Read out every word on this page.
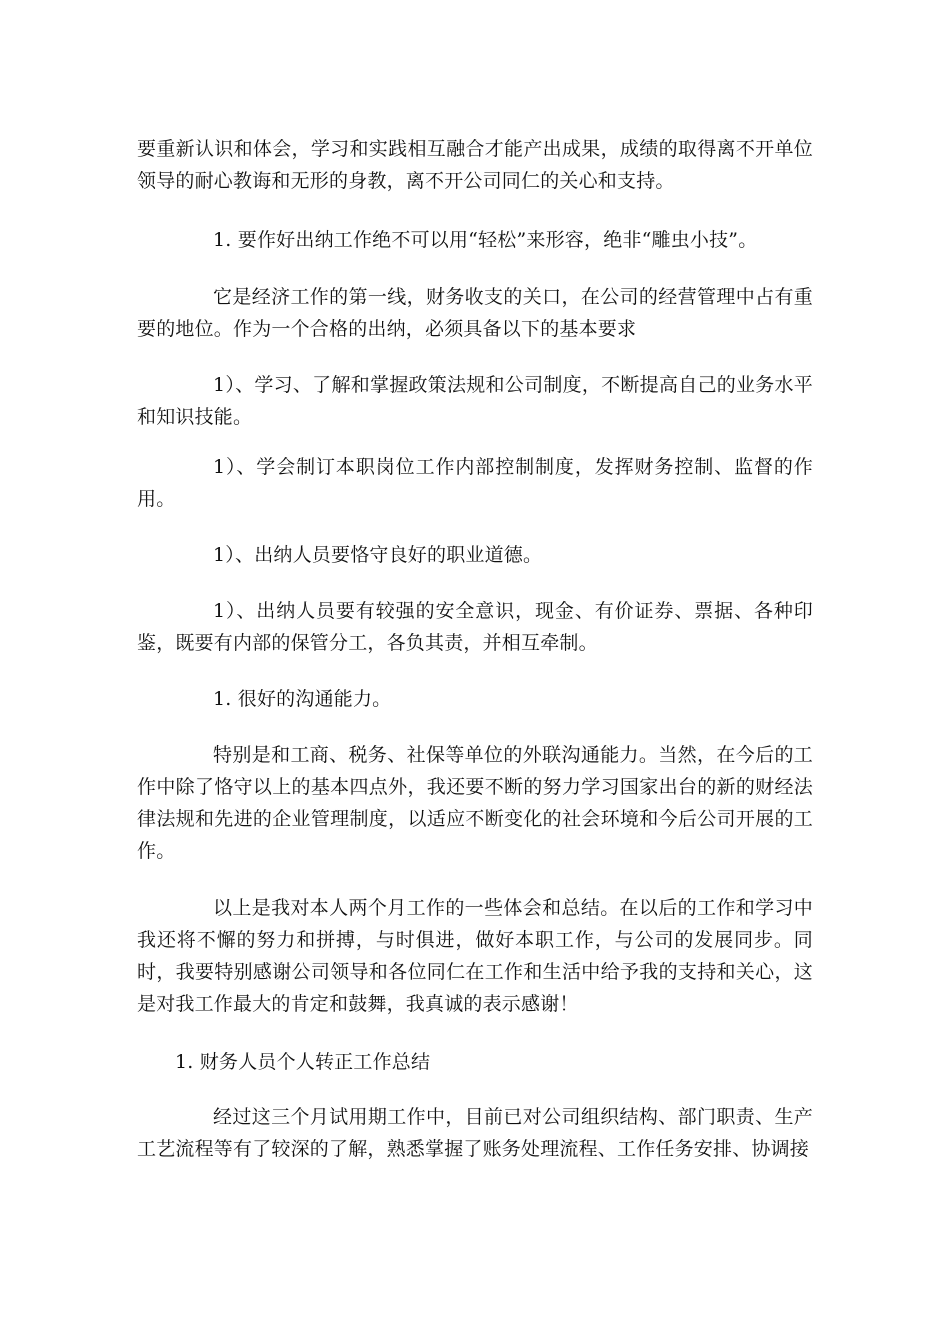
要重新认识和体会，学习和实践相互融合才能产出成果，成绩的取得离不开单位领导的耐心教诲和无形的身教，离不开公司同仁的关心和支持。

1. 要作好出纳工作绝不可以用“轻松”来形容，绝非“雕虫小技”。

它是经济工作的第一线，财务收支的关口，在公司的经营管理中占有重要的地位。作为一个合格的出纳，必须具备以下的基本要求

1）、学习、了解和掌握政策法规和公司制度，不断提高自己的业务水平和知识技能。

1）、学会制订本职岗位工作内部控制制度，发挥财务控制、监督的作用。

1）、出纳人员要恪守良好的职业道德。

1）、出纳人员要有较强的安全意识，现金、有价证券、票据、各种印鉴，既要有内部的保管分工，各负其责，并相互牵制。

1. 很好的沟通能力。

特别是和工商、税务、社保等单位的外联沟通能力。当然，在今后的工作中除了恪守以上的基本四点外，我还要不断的努力学习国家出台的新的财经法律法规和先进的企业管理制度，以适应不断变化的社会环境和今后公司开展的工作。

以上是我对本人两个月工作的一些体会和总结。在以后的工作和学习中我还将不懈的努力和拼搏，与时俱进，做好本职工作，与公司的发展同步。同时，我要特别感谢公司领导和各位同仁在工作和生活中给予我的支持和关心，这是对我工作最大的肯定和鼓舞，我真诚的表示感谢！

1. 财务人员个人转正工作总结

经过这三个月试用期工作中，目前已对公司组织结构、部门职责、生产工艺流程等有了较深的了解，熟悉掌握了账务处理流程、工作任务安排、协调接
